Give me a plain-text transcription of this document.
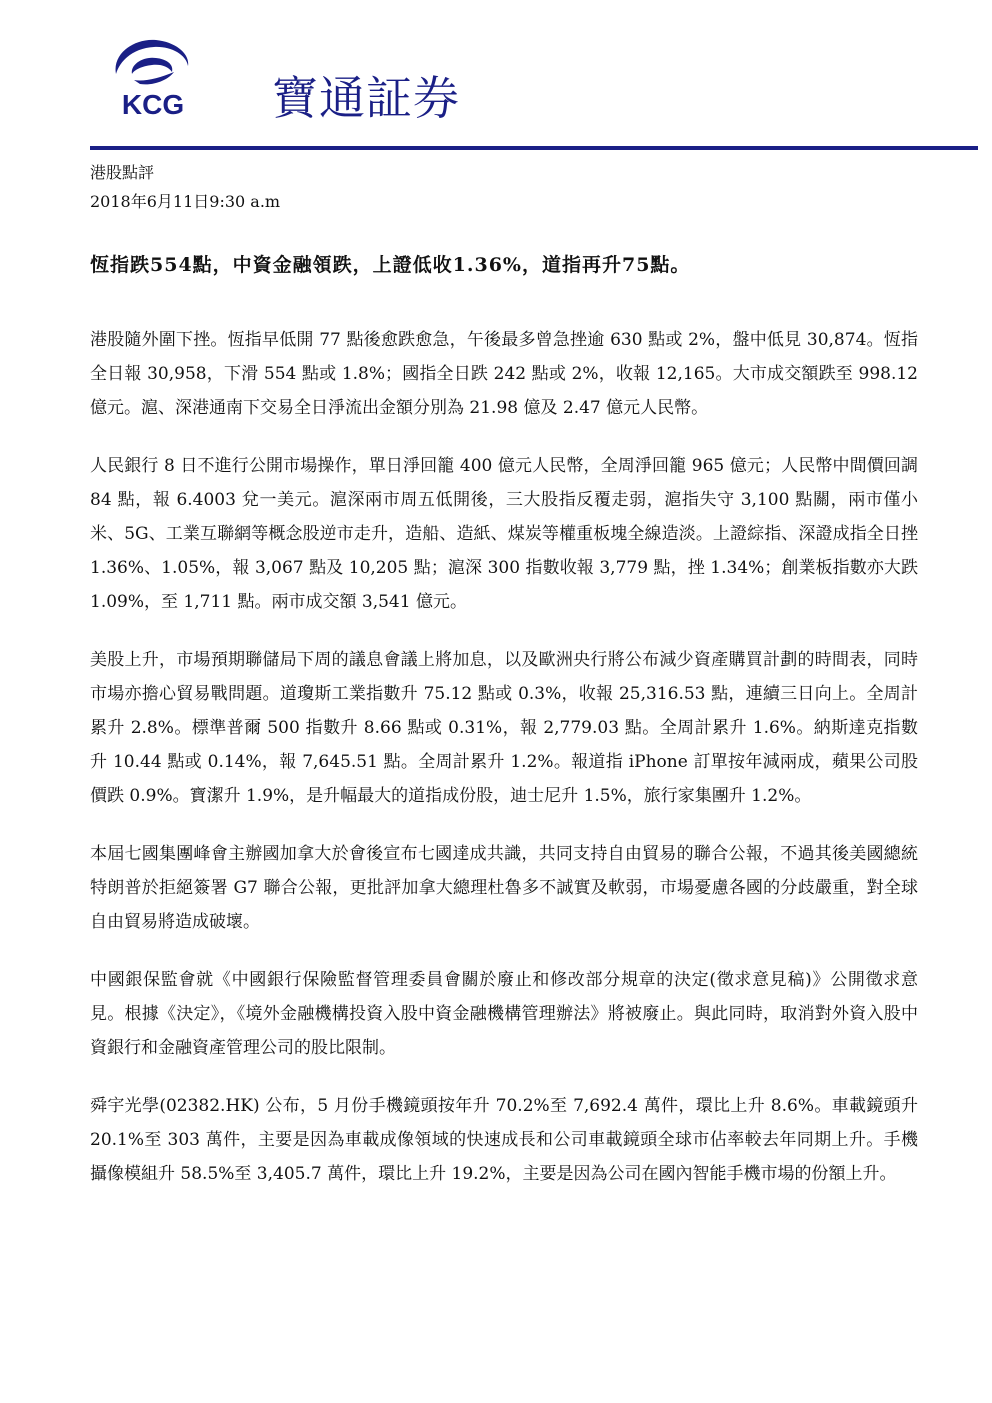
KCG 寶通証券
港股點評
2018年6月11日9:30 a.m
恆指跌554點，中資金融領跌，上證低收1.36%，道指再升75點。

港股隨外圍下挫。恆指早低開 77 點後愈跌愈急，午後最多曾急挫逾 630 點或 2%，盤中低見 30,874。恆指全日報 30,958，下滑 554 點或 1.8%；國指全日跌 242 點或 2%，收報 12,165。大市成交額跌至 998.12 億元。滬、深港通南下交易全日淨流出金額分別為 21.98 億及 2.47 億元人民幣。

人民銀行 8 日不進行公開市場操作，單日淨回籠 400 億元人民幣，全周淨回籠 965 億元；人民幣中間價回調 84 點，報 6.4003 兌一美元。滬深兩市周五低開後，三大股指反覆走弱，滬指失守 3,100 點關，兩市僅小米、5G、工業互聯網等概念股逆市走升，造船、造紙、煤炭等權重板塊全線造淡。上證綜指、深證成指全日挫 1.36%、1.05%，報 3,067 點及 10,205 點；滬深 300 指數收報 3,779 點，挫 1.34%；創業板指數亦大跌 1.09%，至 1,711 點。兩市成交額 3,541 億元。

美股上升，市場預期聯儲局下周的議息會議上將加息，以及歐洲央行將公布減少資產購買計劃的時間表，同時市場亦擔心貿易戰問題。道瓊斯工業指數升 75.12 點或 0.3%，收報 25,316.53 點，連續三日向上。全周計累升 2.8%。標準普爾 500 指數升 8.66 點或 0.31%，報 2,779.03 點。全周計累升 1.6%。納斯達克指數升 10.44 點或 0.14%，報 7,645.51 點。全周計累升 1.2%。報道指 iPhone 訂單按年減兩成，蘋果公司股價跌 0.9%。寶潔升 1.9%，是升幅最大的道指成份股，迪士尼升 1.5%，旅行家集團升 1.2%。

本屆七國集團峰會主辦國加拿大於會後宣布七國達成共識，共同支持自由貿易的聯合公報，不過其後美國總統特朗普於拒絕簽署 G7 聯合公報，更批評加拿大總理杜魯多不誠實及軟弱，市場憂慮各國的分歧嚴重，對全球自由貿易將造成破壞。

中國銀保監會就《中國銀行保險監督管理委員會關於廢止和修改部分規章的決定(徵求意見稿)》公開徵求意見。根據《決定》，《境外金融機構投資入股中資金融機構管理辦法》將被廢止。與此同時，取消對外資入股中資銀行和金融資產管理公司的股比限制。

舜宇光學(02382.HK) 公布，5 月份手機鏡頭按年升 70.2%至 7,692.4 萬件，環比上升 8.6%。車載鏡頭升 20.1%至 303 萬件，主要是因為車載成像領域的快速成長和公司車載鏡頭全球市佔率較去年同期上升。手機攝像模組升 58.5%至 3,405.7 萬件，環比上升 19.2%，主要是因為公司在國內智能手機市場的份額上升。
